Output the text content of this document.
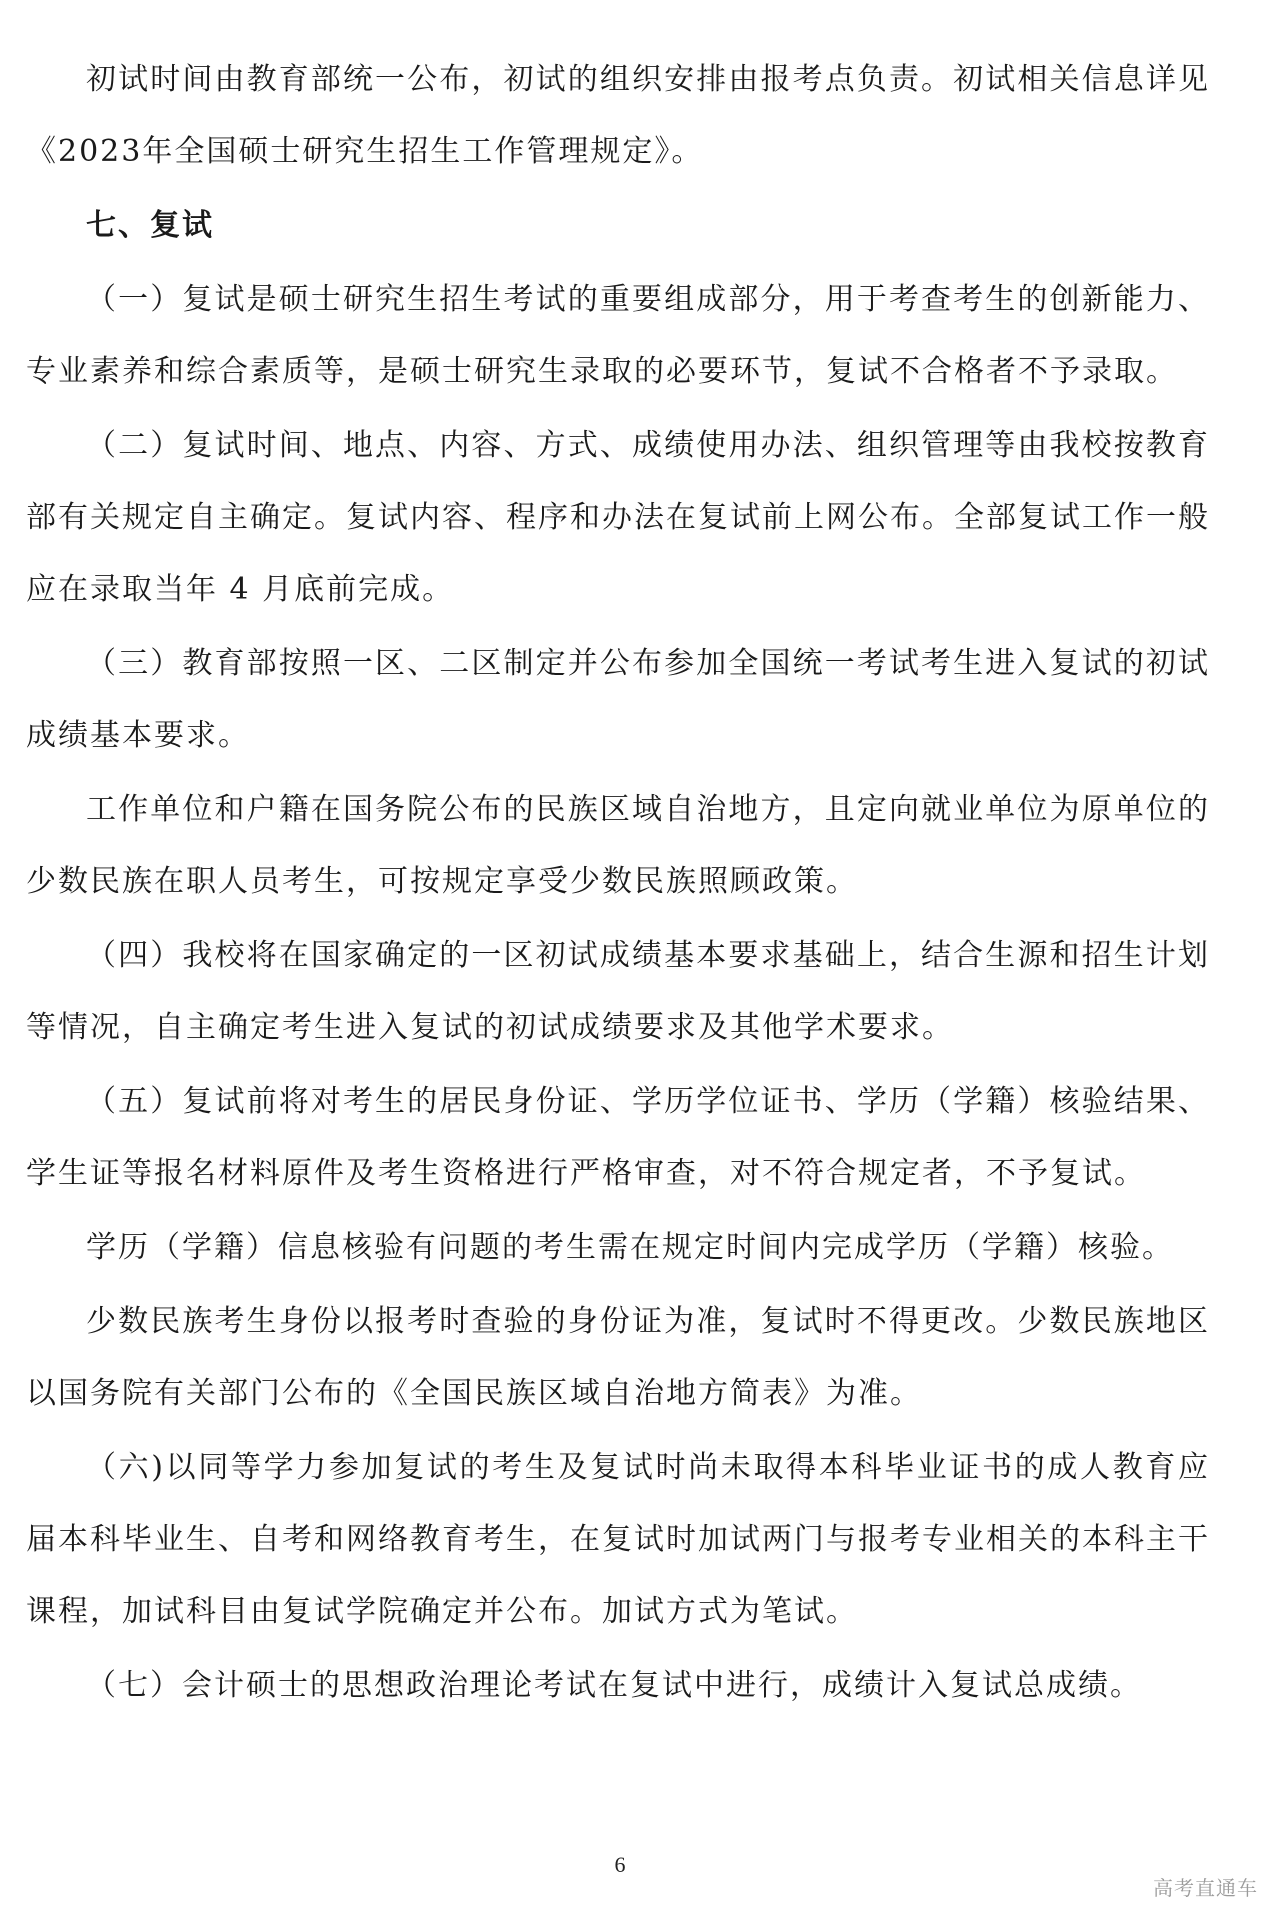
初试时间由教育部统一公布，初试的组织安排由报考点负责。初试相关信息详见《2023年全国硕士研究生招生工作管理规定》。

七、复试

（一）复试是硕士研究生招生考试的重要组成部分，用于考查考生的创新能力、专业素养和综合素质等，是硕士研究生录取的必要环节，复试不合格者不予录取。

（二）复试时间、地点、内容、方式、成绩使用办法、组织管理等由我校按教育部有关规定自主确定。复试内容、程序和办法在复试前上网公布。全部复试工作一般应在录取当年 4 月底前完成。

（三）教育部按照一区、二区制定并公布参加全国统一考试考生进入复试的初试成绩基本要求。

工作单位和户籍在国务院公布的民族区域自治地方，且定向就业单位为原单位的少数民族在职人员考生，可按规定享受少数民族照顾政策。

（四）我校将在国家确定的一区初试成绩基本要求基础上，结合生源和招生计划等情况，自主确定考生进入复试的初试成绩要求及其他学术要求。

（五）复试前将对考生的居民身份证、学历学位证书、学历（学籍）核验结果、学生证等报名材料原件及考生资格进行严格审查，对不符合规定者，不予复试。

学历（学籍）信息核验有问题的考生需在规定时间内完成学历（学籍）核验。

少数民族考生身份以报考时查验的身份证为准，复试时不得更改。少数民族地区以国务院有关部门公布的《全国民族区域自治地方简表》为准。

（六)以同等学力参加复试的考生及复试时尚未取得本科毕业证书的成人教育应届本科毕业生、自考和网络教育考生，在复试时加试两门与报考专业相关的本科主干课程，加试科目由复试学院确定并公布。加试方式为笔试。

（七）会计硕士的思想政治理论考试在复试中进行，成绩计入复试总成绩。

6
高考直通车
